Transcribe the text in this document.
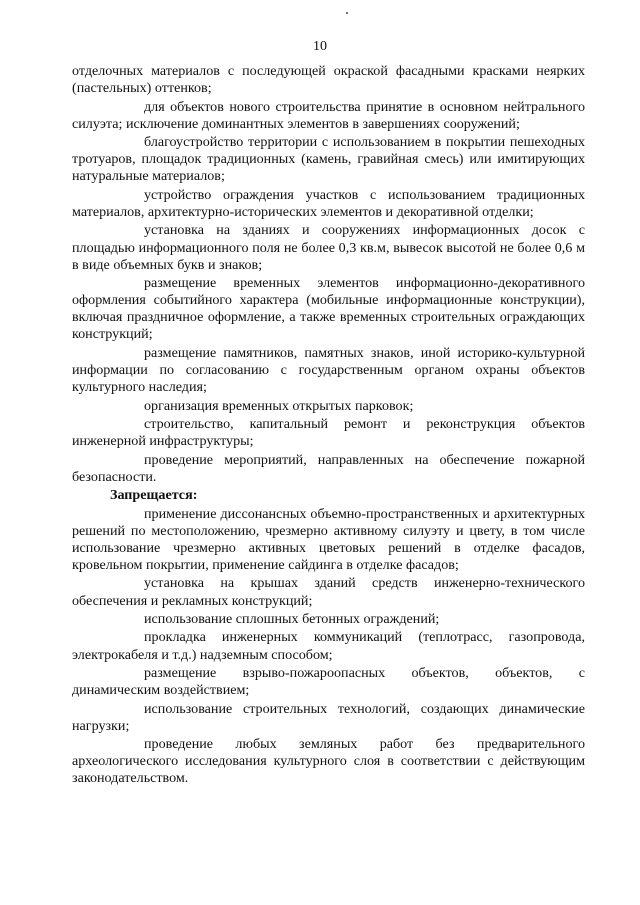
10

отделочных материалов с последующей окраской фасадными красками неярких (пастельных) оттенков;

для объектов нового строительства принятие в основном нейтрального силуэта; исключение доминантных элементов в завершениях сооружений;

благоустройство территории с использованием в покрытии пешеходных тротуаров, площадок традиционных (камень, гравийная смесь) или имитирующих натуральные материалов;

устройство ограждения участков с использованием традиционных материалов, архитектурно-исторических элементов и декоративной отделки;

установка на зданиях и сооружениях информационных досок с площадью информационного поля не более 0,3 кв.м, вывесок высотой не более 0,6 м в виде объемных букв и знаков;

размещение временных элементов информационно-декоративного оформления событийного характера (мобильные информационные конструкции), включая праздничное оформление, а также временных строительных ограждающих конструкций;

размещение памятников, памятных знаков, иной историко-культурной информации по согласованию с государственным органом охраны объектов культурного наследия;

организация временных открытых парковок;

строительство, капитальный ремонт и реконструкция объектов инженерной инфраструктуры;

проведение мероприятий, направленных на обеспечение пожарной безопасности.

Запрещается:

применение диссонансных объемно-пространственных и архитектурных решений по местоположению, чрезмерно активному силуэту и цвету, в том числе использование чрезмерно активных цветовых решений в отделке фасадов, кровельном покрытии, применение сайдинга в отделке фасадов;

установка на крышах зданий средств инженерно-технического обеспечения и рекламных конструкций;

использование сплошных бетонных ограждений;

прокладка инженерных коммуникаций (теплотрасс, газопровода, электрокабеля и т.д.) надземным способом;

размещение взрыво-пожароопасных объектов, объектов, с динамическим воздействием;

использование строительных технологий, создающих динамические нагрузки;

проведение любых земляных работ без предварительного археологического исследования культурного слоя в соответствии с действующим законодательством.
